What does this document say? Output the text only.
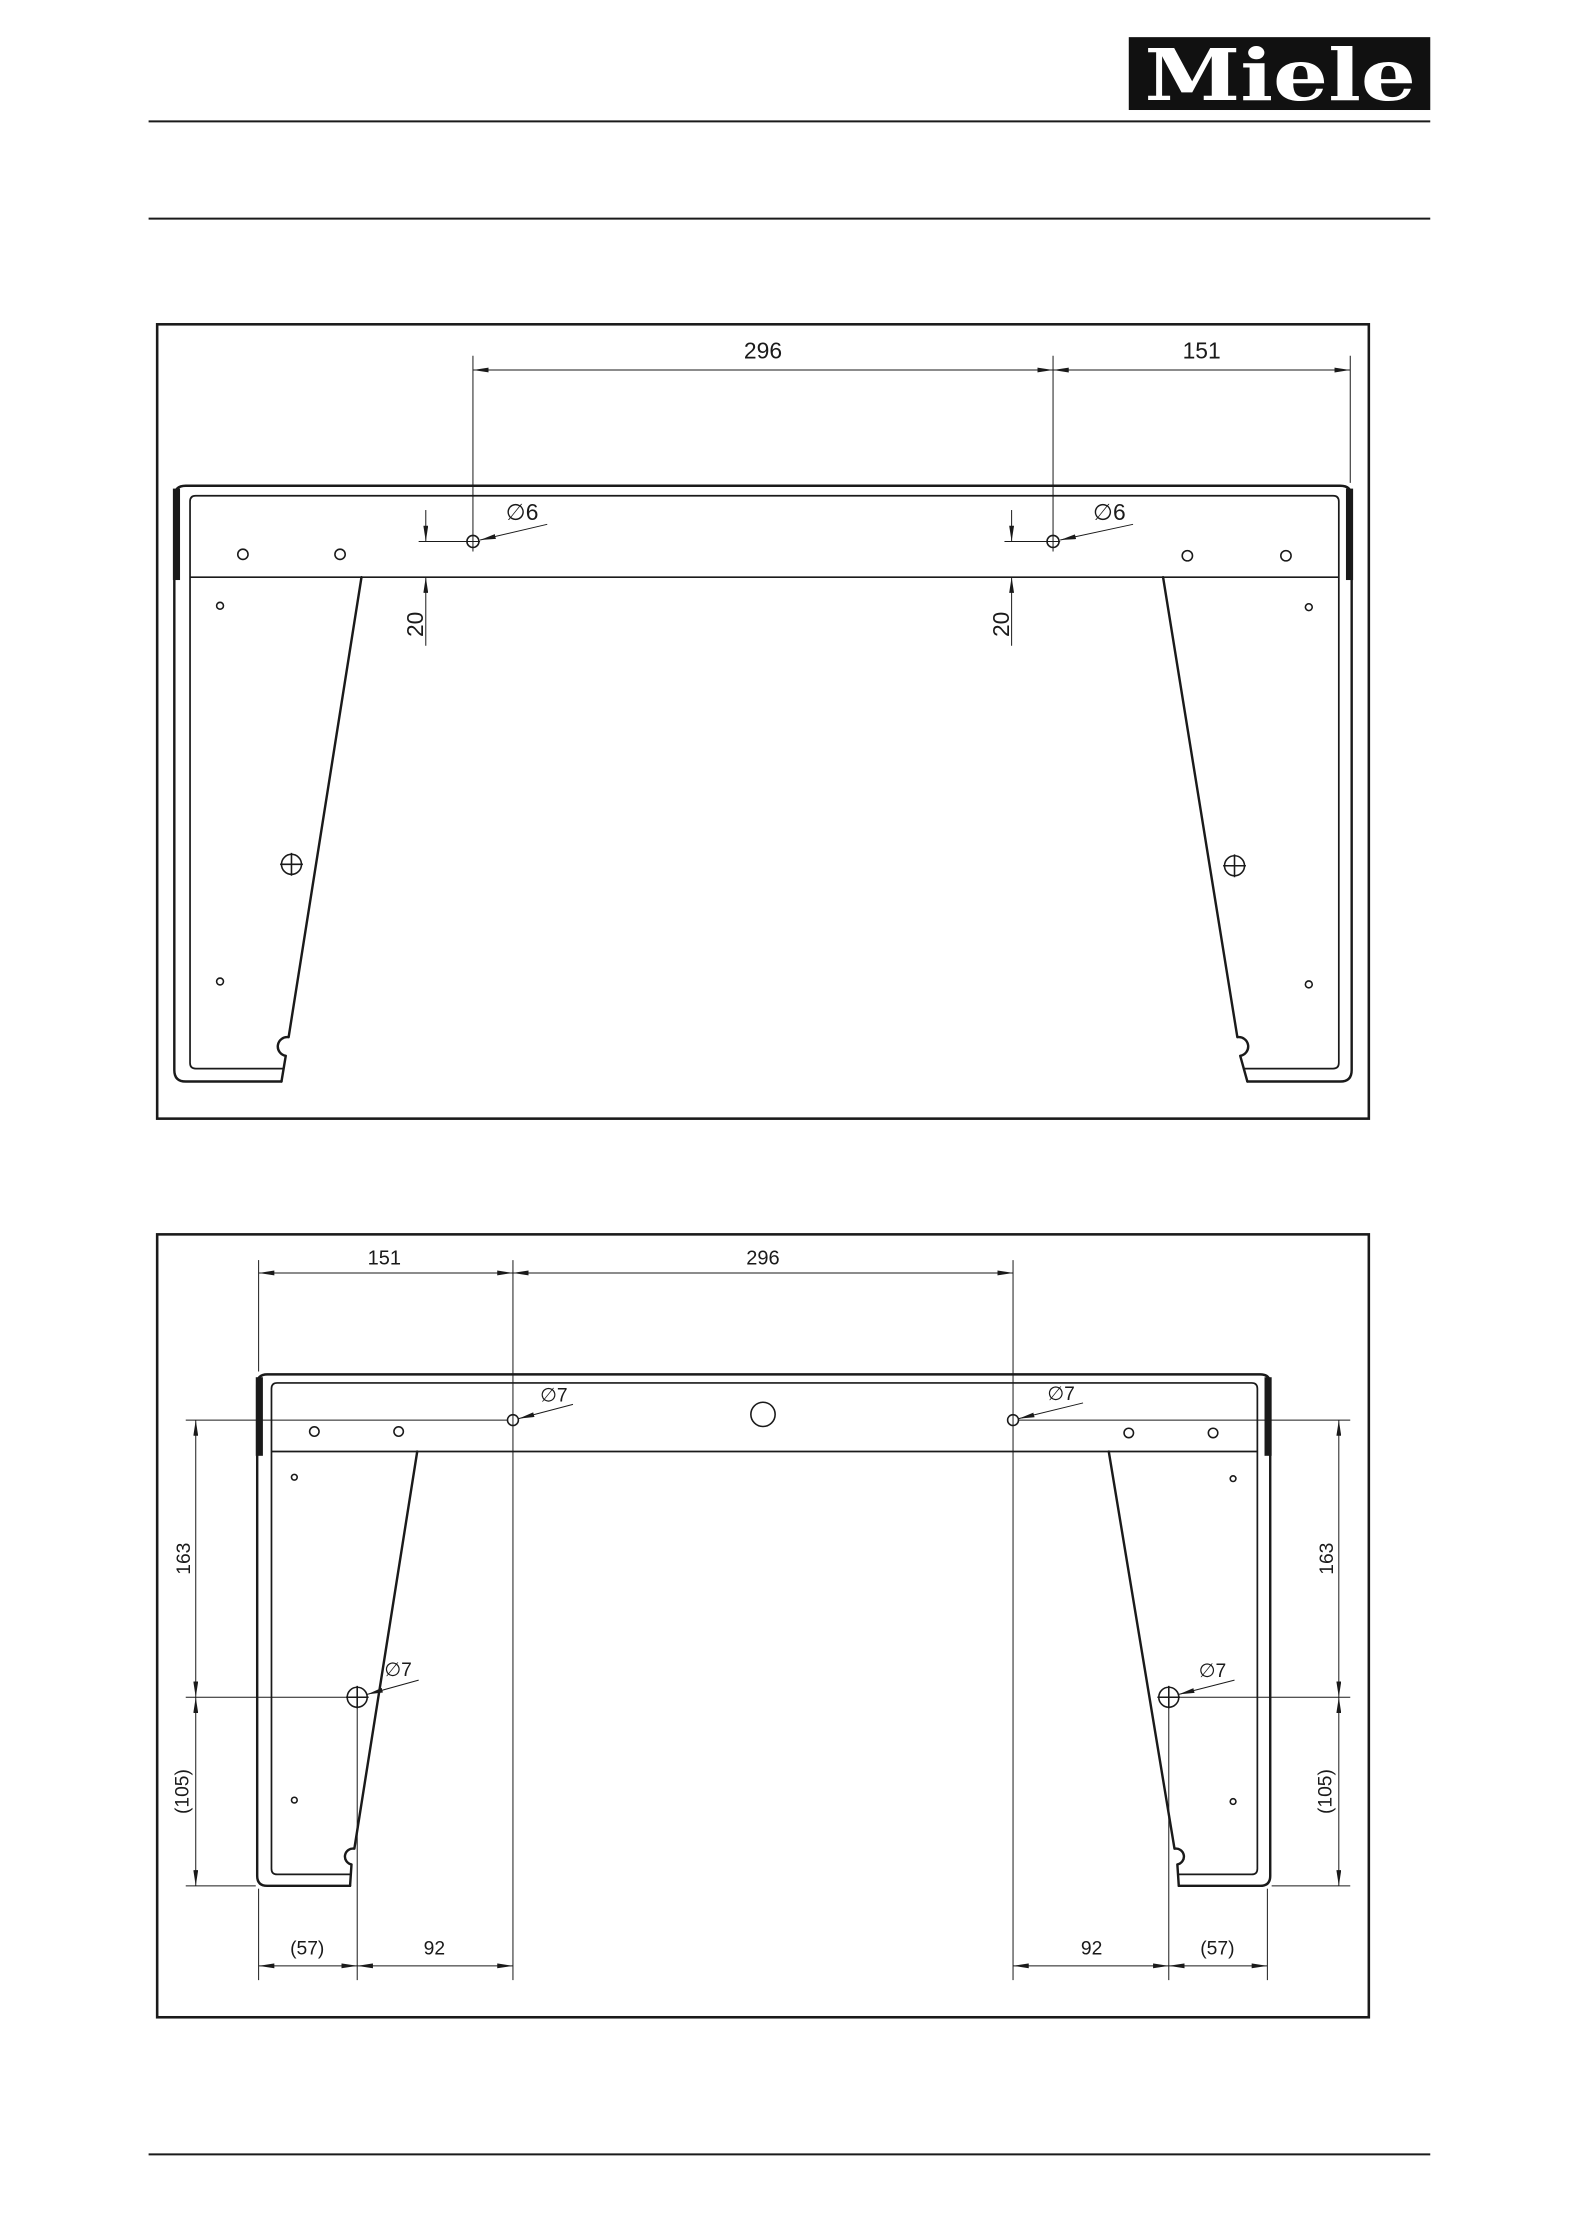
Miele
296	151
20	20
∅6	∅6
151	296
163
(105)
163
(105)
(57)	92	92	(57)
∅7	∅7
∅7	∅7
